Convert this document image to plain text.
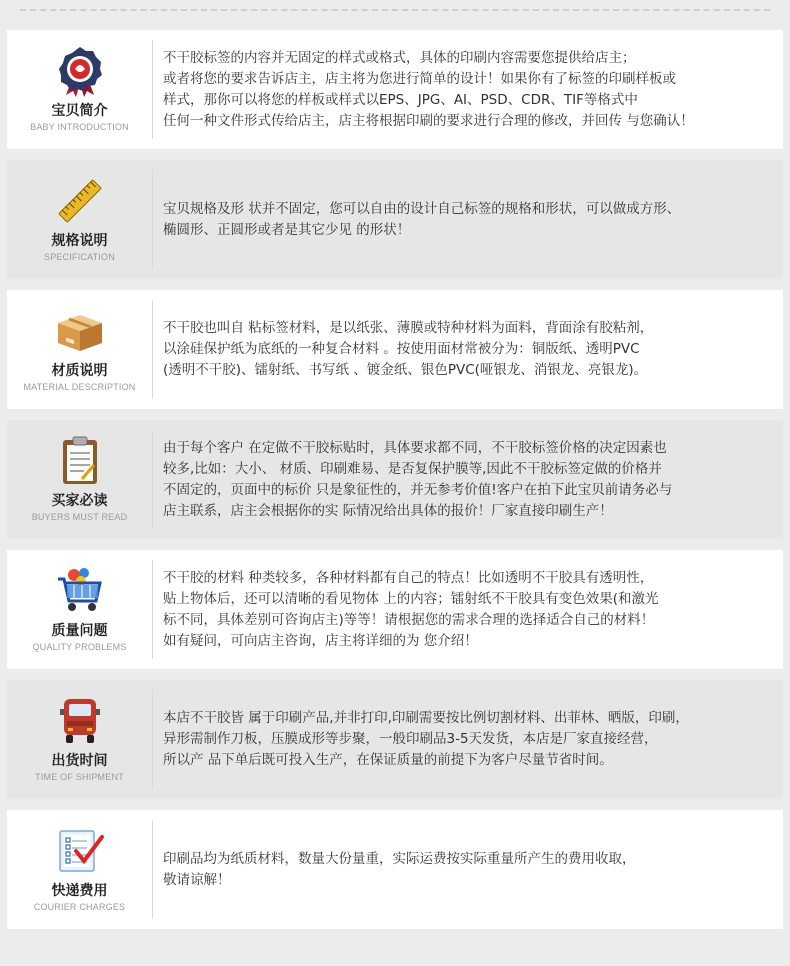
宝贝简介
BABY INTRODUCTION
不干胶标签的内容并无固定的样式或格式，具体的印刷内容需要您提供给店主；
或者将您的要求告诉店主，店主将为您进行简单的设计！如果你有了标签的印刷样板或
样式，那你可以将您的样板或样式以EPS、JPG、AI、PSD、CDR、TIF等格式中
任何一种文件形式传给店主，店主将根据印刷的要求进行合理的修改，并回传 与您确认！
规格说明
SPECIFICATION
宝贝规格及形 状并不固定，您可以自由的设计自己标签的规格和形状，可以做成方形、
椭圆形、正圆形或者是其它少见 的形状！
材质说明
MATERIAL DESCRIPTION
不干胶也叫自 粘标签材料，是以纸张、薄膜或特种材料为面料，背面涂有胶粘剂，
以涂硅保护纸为底纸的一种复合材料 。按使用面材常被分为：铜版纸、透明PVC
(透明不干胶)、镭射纸、书写纸 、镀金纸、银色PVC(哑银龙、消银龙、亮银龙)。
买家必读
BUYERS MUST READ
由于每个客户 在定做不干胶标贴时，具体要求都不同，不干胶标签价格的决定因素也
较多,比如：大小、 材质、印刷难易、是否复保护膜等,因此不干胶标签定做的价格并
不固定的，页面中的标价 只是象征性的，并无参考价值!客户在拍下此宝贝前请务必与
店主联系，店主会根据你的实 际情况给出具体的报价！厂家直接印刷生产！
质量问题
QUALITY PROBLEMS
不干胶的材料 种类较多，各种材料都有自己的特点！比如透明不干胶具有透明性，
贴上物体后，还可以清晰的看见物体 上的内容；镭射纸不干胶具有变色效果(和激光
标不同，具体差别可咨询店主)等等！请根据您的需求合理的选择适合自己的材料！
如有疑问，可向店主咨询，店主将详细的为 您介绍！
出货时间
TIME OF SHIPMENT
本店不干胶皆 属于印刷产品,并非打印,印刷需要按比例切割材料、出菲林、晒版，印刷，
异形需制作刀板，压膜成形等步聚，一般印刷品3-5天发货，本店是厂家直接经营，
所以产 品下单后既可投入生产，在保证质量的前提下为客户尽量节省时间。
快递费用
COURIER CHARGES
印刷品均为纸质材料，数量大份量重，实际运费按实际重量所产生的费用收取，
敬请谅解！
